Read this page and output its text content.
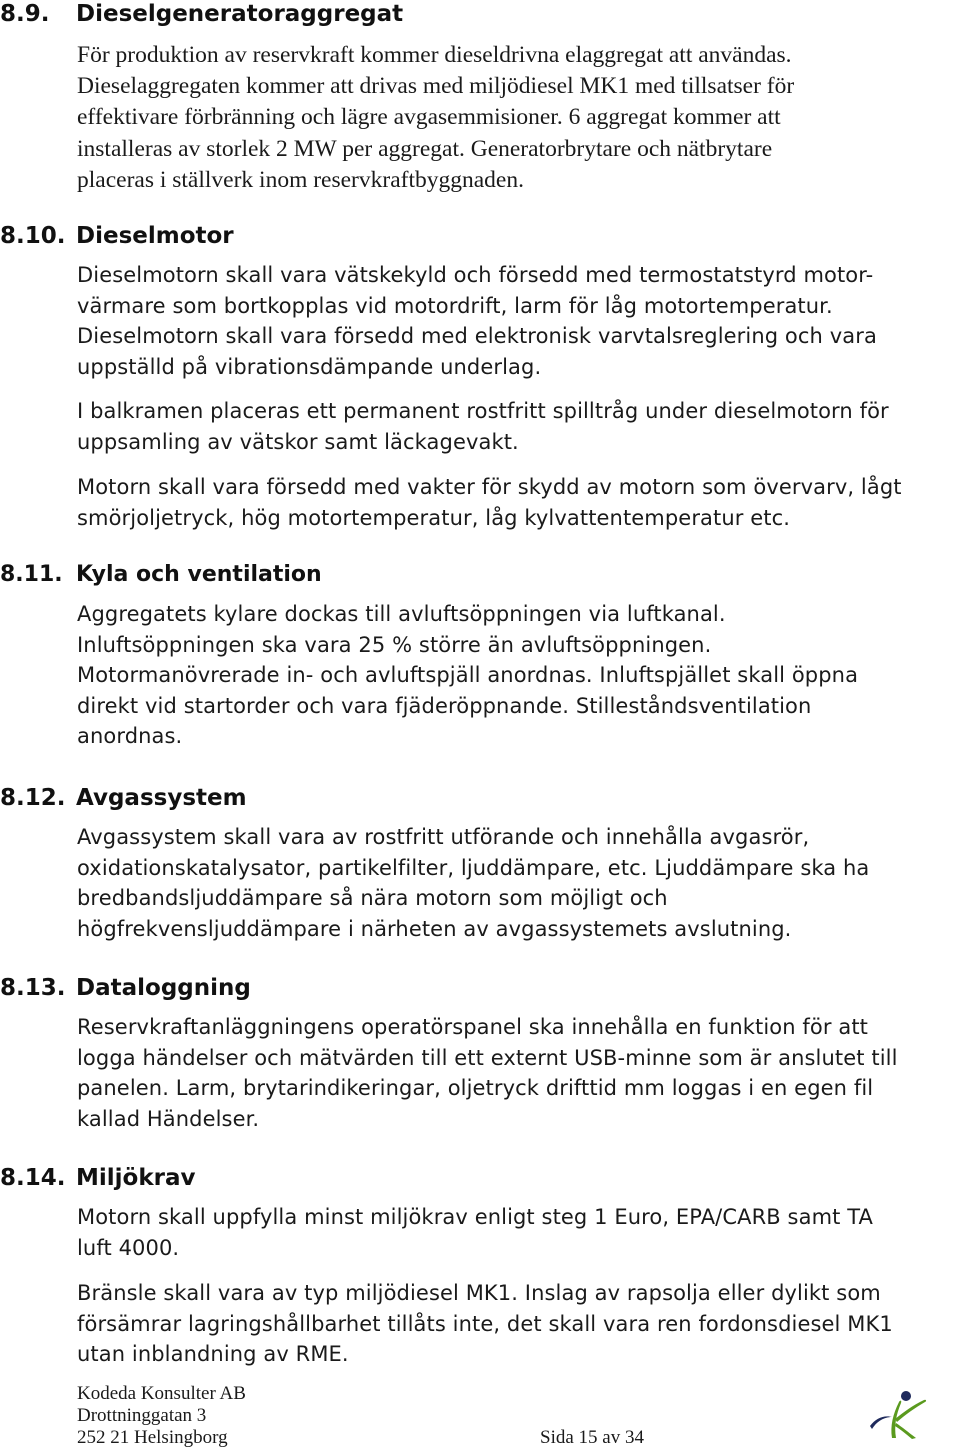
8.9. Dieselgeneratoraggregat
För produktion av reservkraft kommer dieseldrivna elaggregat att användas.
Dieselaggregaten kommer att drivas med miljödiesel MK1 med tillsatser för
effektivare förbränning och lägre avgasemmisioner. 6 aggregat kommer att
installeras av storlek 2 MW per aggregat. Generatorbrytare och nätbrytare
placeras i ställverk inom reservkraftbyggnaden.
8.10. Dieselmotor
Dieselmotorn skall vara vätskekyld och försedd med termostatstyrd motor-
värmare som bortkopplas vid motordrift, larm för låg motortemperatur.
Dieselmotorn skall vara försedd med elektronisk varvtalsreglering och vara
uppställd på vibrationsdämpande underlag.
I balkramen placeras ett permanent rostfritt spilltråg under dieselmotorn för
uppsamling av vätskor samt läckagevakt.
Motorn skall vara försedd med vakter för skydd av motorn som övervarv, lågt
smörjoljetryck, hög motortemperatur, låg kylvattentemperatur etc.
8.11. Kyla och ventilation
Aggregatets kylare dockas till avluftsöppningen via luftkanal.
Inluftsöppningen ska vara 25 % större än avluftsöppningen.
Motormanövrerade in- och avluftspjäll anordnas. Inluftspjället skall öppna
direkt vid startorder och vara fjäderöppnande. Stilleståndsventilation
anordnas.
8.12. Avgassystem
Avgassystem skall vara av rostfritt utförande och innehålla avgasrör,
oxidationskatalysator, partikelfilter, ljuddämpare, etc. Ljuddämpare ska ha
bredbandsljuddämpare så nära motorn som möjligt och
högfrekvensljuddämpare i närheten av avgassystemets avslutning.
8.13. Dataloggning
Reservkraftanläggningens operatörspanel ska innehålla en funktion för att
logga händelser och mätvärden till ett externt USB-minne som är anslutet till
panelen. Larm, brytarindikeringar, oljetryck drifttid mm loggas i en egen fil
kallad Händelser.
8.14. Miljökrav
Motorn skall uppfylla minst miljökrav enligt steg 1 Euro, EPA/CARB samt TA
luft 4000.
Bränsle skall vara av typ miljödiesel MK1. Inslag av rapsolja eller dylikt som
försämrar lagringshållbarhet tillåts inte, det skall vara ren fordonsdiesel MK1
utan inblandning av RME.
Kodeda Konsulter AB
Drottninggatan 3
252 21 Helsingborg	Sida 15 av 34
